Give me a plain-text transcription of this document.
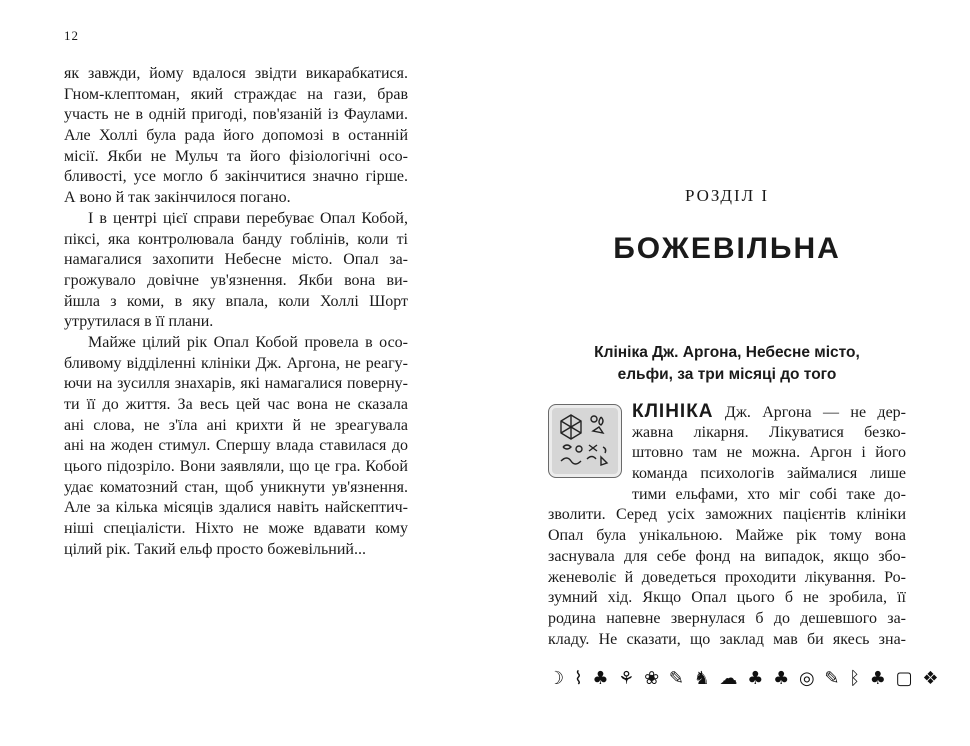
12
як завжди, йому вдалося звідти викарабкатися.
Гном-клептоман, який страждає на гази, брав
участь не в одній пригоді, пов'язаній із Фаулами.
Але Холлі була рада його допомозі в останній
місії. Якби не Мульч та його фізіологічні осо-
бливості, усе могло б закінчитися значно гірше.
А воно й так закінчилося погано.
І в центрі цієї справи перебуває Опал Кобой,
піксі, яка контролювала банду гоблінів, коли ті
намагалися захопити Небесне місто. Опал за-
грожувало довічне ув'язнення. Якби вона ви-
йшла з коми, в яку впала, коли Холлі Шорт
утрутилася в її плани.
Майже цілий рік Опал Кобой провела в осо-
бливому відділенні клініки Дж. Аргона, не реагу-
ючи на зусилля знахарів, які намагалися поверну-
ти її до життя. За весь цей час вона не сказала
ані слова, не з'їла ані крихти й не зреагувала
ані на жоден стимул. Спершу влада ставилася до
цього підозріло. Вони заявляли, що це гра. Кобой
удає коматозний стан, щоб уникнути ув'язнення.
Але за кілька місяців здалися навіть найскептич-
ніші спеціалісти. Ніхто не може вдавати кому
цілий рік. Такий ельф просто божевільний...
РОЗДІЛ І
БОЖЕВІЛЬНА
Клініка Дж. Аргона, Небесне місто,
ельфи, за три місяці до того
КЛІНІКА Дж. Аргона — не дер-
жавна лікарня. Лікуватися безко-
штовно там не можна. Аргон і його
команда психологів займалися лише
тими ельфами, хто міг собі таке до-
зволити. Серед усіх заможних пацієнтів клініки
Опал була унікальною. Майже рік тому вона
заснувала для себе фонд на випадок, якщо збо-
женеволіє й доведеться проходити лікування. Ро-
зумний хід. Якщо Опал цього б не зробила, її
родина напевне звернулася б до дешевшого за-
кладу. Не сказати, що заклад мав би якесь зна-
☽ ⌇ ♣ ⚘ ❀ ✎ ♞ ☁ ♣ ♣ ◎ ✎ ᛒ ♣ ▢ ❖
